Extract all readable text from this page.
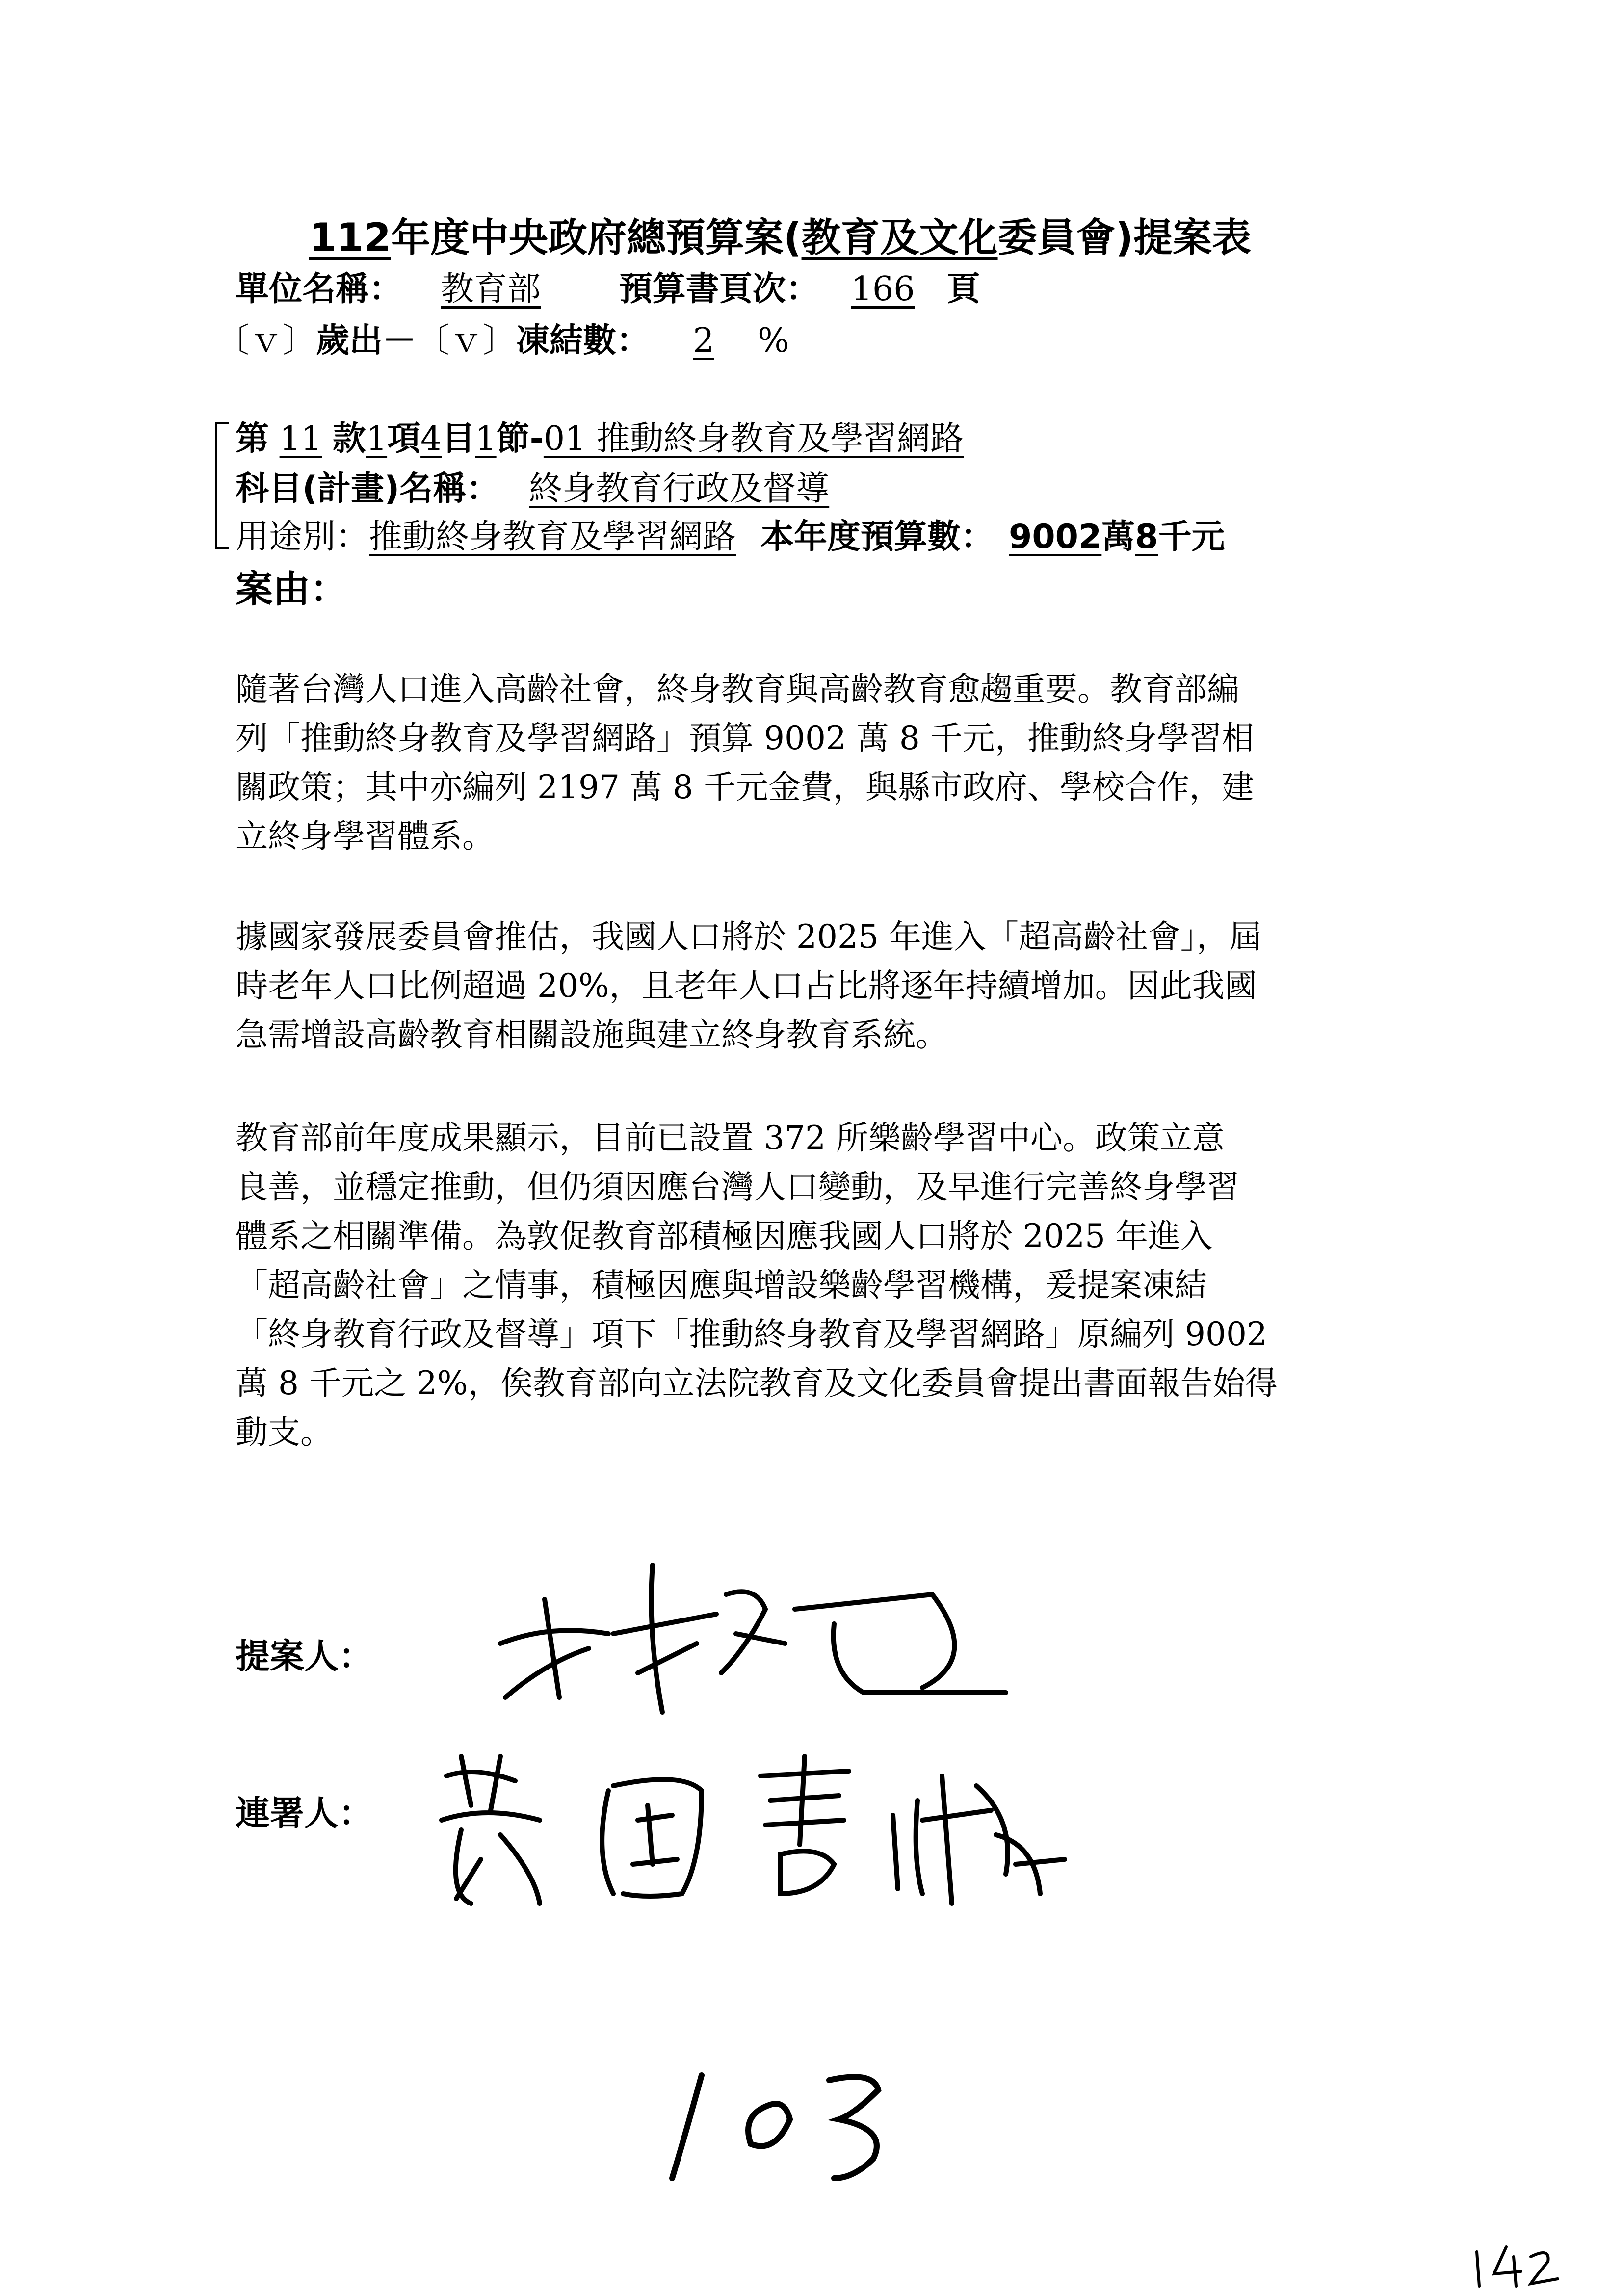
112年度中央政府總預算案(教育及文化委員會)提案表
單位名稱： 教育部 預算書頁次： 166 頁
〔ｖ〕歲出－〔ｖ〕凍結數： 2 %
第 11 款1項4目1節-01 推動終身教育及學習網路
科目(計畫)名稱： 終身教育行政及督導
用途別：推動終身教育及學習網路 本年度預算數： 9002萬8千元
案由：
隨著台灣人口進入高齡社會，終身教育與高齡教育愈趨重要。教育部編
列「推動終身教育及學習網路」預算 9002 萬 8 千元，推動終身學習相
關政策；其中亦編列 2197 萬 8 千元金費，與縣市政府、學校合作，建
立終身學習體系。
據國家發展委員會推估，我國人口將於 2025 年進入「超高齡社會」，屆
時老年人口比例超過 20%，且老年人口占比將逐年持續增加。因此我國
急需增設高齡教育相關設施與建立終身教育系統。
教育部前年度成果顯示，目前已設置 372 所樂齡學習中心。政策立意
良善，並穩定推動，但仍須因應台灣人口變動，及早進行完善終身學習
體系之相關準備。為敦促教育部積極因應我國人口將於 2025 年進入
「超高齡社會」之情事，積極因應與增設樂齡學習機構，爰提案凍結
「終身教育行政及督導」項下「推動終身教育及學習網路」原編列 9002
萬 8 千元之 2%，俟教育部向立法院教育及文化委員會提出書面報告始得
動支。
提案人：
連署人：
